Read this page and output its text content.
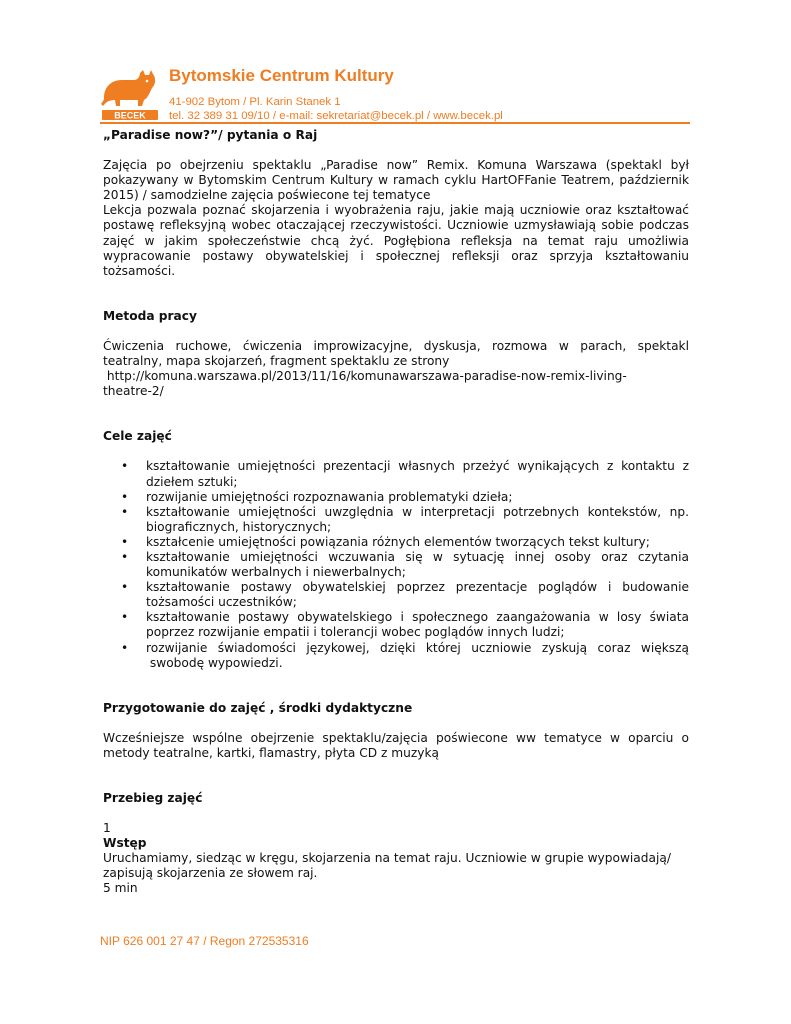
BECEK
Bytomskie Centrum Kultury
41-902 Bytom / Pl. Karin Stanek 1
tel. 32 389 31 09/10 / e-mail: sekretariat@becek.pl / www.becek.pl

„Paradise now?”/ pytania o Raj

Zajęcia po obejrzeniu spektaklu „Paradise now” Remix. Komuna Warszawa (spektakl był

pokazywany w Bytomskim Centrum Kultury w ramach cyklu HartOFFanie Teatrem, październik

2015) / samodzielne zajęcia poświecone tej tematyce

Lekcja pozwala poznać skojarzenia i wyobrażenia raju, jakie mają uczniowie oraz kształtować

postawę refleksyjną wobec otaczającej rzeczywistości. Uczniowie uzmysławiają sobie podczas

zajęć w jakim społeczeństwie chcą żyć. Pogłębiona refleksja na temat raju umożliwia

wypracowanie postawy obywatelskiej i społecznej refleksji oraz sprzyja kształtowaniu

tożsamości.

Metoda pracy

Ćwiczenia ruchowe, ćwiczenia improwizacyjne, dyskusja, rozmowa w parach, spektakl

teatralny, mapa skojarzeń, fragment spektaklu ze strony

http://komuna.warszawa.pl/2013/11/16/komunawarszawa-paradise-now-remix-living-

theatre-2/

Cele zajęć

• kształtowanie umiejętności prezentacji własnych przeżyć wynikających z kontaktu z

dziełem sztuki;

• rozwijanie umiejętności rozpoznawania problematyki dzieła;

• kształtowanie umiejętności uwzględnia w interpretacji potrzebnych kontekstów, np.

biograficznych, historycznych;

• kształcenie umiejętności powiązania różnych elementów tworzących tekst kultury;

• kształtowanie umiejętności wczuwania się w sytuację innej osoby oraz czytania

komunikatów werbalnych i niewerbalnych;

• kształtowanie postawy obywatelskiej poprzez prezentacje poglądów i budowanie

tożsamości uczestników;

• kształtowanie postawy obywatelskiego i społecznego zaangażowania w losy świata

poprzez rozwijanie empatii i tolerancji wobec poglądów innych ludzi;

• rozwijanie świadomości językowej, dzięki której uczniowie zyskują coraz większą

swobodę wypowiedzi.

Przygotowanie do zajęć , środki dydaktyczne

Wcześniejsze wspólne obejrzenie spektaklu/zajęcia poświecone ww tematyce w oparciu o

metody teatralne, kartki, flamastry, płyta CD z muzyką

Przebieg zajęć

1

Wstęp

Uruchamiamy, siedząc w kręgu, skojarzenia na temat raju. Uczniowie w grupie wypowiadają/

zapisują skojarzenia ze słowem raj.

5 min

NIP 626 001 27 47 / Regon 272535316
